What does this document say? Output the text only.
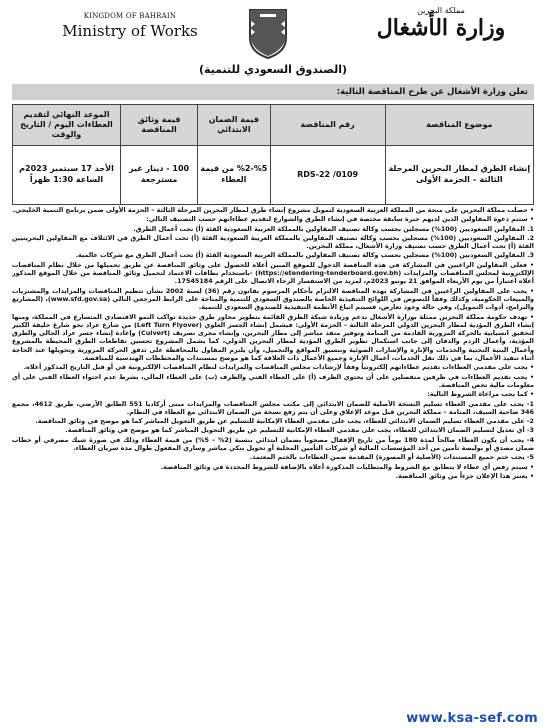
KINGDOM OF BAHRAIN
Ministry of Works
مملكة البحرين
وزارة الأشغال
(الصندوق السعودي للتنمية)
تعلن وزارة الأشغال عن طرح المناقصة التالية:
موضوع المناقصة	رقم المناقصة	قيمة الضمان الابتدائي	قيمة وثائق المناقصة	الموعد النهائي لتقديم العطاءات اليوم / التاريخ والوقت
إنشاء الطرق لمطار البحرين المرحلة الثالثة – الحزمة الأولى	RDS-22 /0109	%5-%2 من قيمة العطاء	100 - دينار غير مسترجعة	الأحد 17 سبتمبر 2023م الساعة 1:30 ظهراً

• حصلت مملكة البحرين على منحة من المملكة العربية السعودية لتمويل مشروع إنشاء طرق لمطار البحرين المرحلة الثالثة – الحزمة الأولى ضمن برنامج التنمية الخليجي.

• ستتم دعوة المقاولين الذين لديهم خبرة سابقة مختصة في إنشاء الطرق والشوارع لتقديم عطاءاتهم حسب التصنيف التالي:

1. المقاولين السعوديين (100%) مسجلين بحسب وكالة تصنيف المقاولين بالمملكة العربية السعودية الفئة (أ) تحت أعمال الطرق.

2. المقاولين السعوديين (100%) مسجلين بحسب وكالة تصنيف المقاولين بالمملكة العربية السعودية الفئة (أ) تحت أعمال الطرق في الائتلاف مع المقاولين البحرينيين الفئة (أ) تحت أعمال الطرق حسب تصنيف وزارة الأشغال، مملكة البحرين.

3. المقاولين السعوديين (100%) مسجلين بحسب وكالة تصنيف المقاولين بالمملكة العربية السعودية الفئة (أ) تحت أعمال الطرق مع شركات عالمية.

• فعلى المقاولين الراغبين في المشاركة في هذه المناقصة الدخول للموقع المبين أعلاه للحصول على وثائق المناقصة عن طريق تحميلها من خلال نظام المناقصات الإلكترونية لمجلس المناقصات والمزايدات (https://etendering-tenderboard.gov.bh) -باستخدام بطاقات الاعتماد لتحميل وثائق المناقصة من خلال الموقع المذكور أعلاه اعتباراً من يوم الأربعاء الموافق 21 يونيو 2023م، لمزيد من الاستفسار الرجاء الاتصال على الرقم 17545184.

• يجب على المقاولين الراغبين في المشاركة بهذه المناقصة الالتزام بأحكام المرسوم بقانون رقم (36) لسنة 2002 بشأن تنظيم المناقصات والمزايدات والمشتريات والمبيعات الحكومية، وكذلك وفقاً للنصوص في اللوائح التنفيذية الخاصة بالصندوق السعودي للتنمية والمتاحة على الرابط المرجعي التالي (www.sfd.gov.sa)، (المشاريع والبرامج، أدوات التمويل)، وفي حالة وجود تعارض، فسيتم اتباع الأنظمة التنفيذية للصندوق السعودي للتنمية.

• تهدف حكومة مملكة البحرين ممثلة بوزارة الأشغال بدعم وزيادة شبكة الطرق القائمة بتطوير محاور طرق جديدة تواكب النمو الاقتصادي المتسارع في المملكة، ومنها إنشاء الطرق المؤدية لمطار البحرين الدولي المرحلة الثالثة – الحزمة الأولى: فيشمل إنشاء الجسر العلوي (Left Turn Flyover) من شارع عراد نحو شارع خليفة الكبير لتحقيق انسيابية بالحركة المرورية القادمة من المنامة وتوفير منفذ مباشر إلى مطار البحرين، وإنشاء مجرى تصريف (Culvert) وإعادة إنشاء جسر عراد الحالي والطرق المؤدية، وأعمال الردم والدفان إلى جانب استكمال تطوير الطرق المؤدية لمطار البحرين الدولي، كما يشمل المشروع تحسين تقاطعات الطرق المحيطة بالمشروع وأعمال البنية التحتية والخدمات والإنارة والإشارات الضوئية وتنسيق المواقع والتجميل، وأن يلتزم المقاول بالمحافظة على تدفق الحركة المرورية وتحويلها عند الحاجة أثناء تنفيذ الأعمال، بما في ذلك نقل الخدمات، أعمال الإنارة وجميع الأعمال ذات العلاقة كما هو موضح بمستندات والمخططات الهندسية للمناقصة.

• يجب على مقدمي العطاءات تقديم عطاءاتهم إلكترونياً وفقاً لإرشادات مجلس المناقصات والمزايدات لنظام المناقصات الإلكترونية في أو قبل التاريخ المذكور أعلاه.

• يجب تقديم العطاءات في ظرفين منفصلين على أن يحتوي الظرف (أ) على العطاء الفني والظرف (ب) على العطاء المالي، بشرط عدم احتواء العطاء الفني على أي معلومات مالية تخص المناقصة.

• كما يجب مراعاة الشروط التالية:

1- يجب على مقدمي العطاء تسليم النسخة الأصلية للضمان الابتدائي إلى مكتب مجلس المناقصات والمزايدات مبنى أركاديا 551 الطابق الأرضي، طريق 4612، مجمع 346 ضاحية السيف، المنامة – مملكة البحرين قبل موعد الإغلاق وعلى أن يتم رفع نسخة من الضمان الابتدائي مع العطاء في النظام.

2- على مقدمي العطاء تسليم الضمان الابتدائي للعطاء، يجب على مقدمي العطاء الإمكانية للتسليم عن طريق التحويل المباشر كما هو موضح في وثائق المناقصة.

3- أي تعديل لتسليم الضمان الابتدائي للعطاء، يجب على مقدمي العطاء الإمكانية للتسليم عن طريق التحويل المباشر كما هو موضح في وثائق المناقصة.

4- يجب أن يكون العطاء صالحاً لمدة 180 يوماً من تاريخ الإقفال مصحوباً بضمان ابتدائي بنسبة (2% – 5%) من قيمة العطاء وذلك في صورة شيك مصرفي أو خطاب ضمان مصدق أو بوليصة تأمين من أحد المؤسسات المالية أو شركات التأمين المحلية أو تحويل بنكي مباشر وساري المفعول طوال مدة سريان العطاء.

5- يجب ختم جميع المستندات (الأصلية أو المصورة) المقدمة ضمن العطاءات بالختم المعتمد.

• سيتم رفض أي عطاء لا يتطابق مع الشروط والمتطلبات المذكورة أعلاه بالإضافة للشروط المحددة في وثائق المناقصة.

• يعتبر هذا الإعلان جزءاً من وثائق المناقصة.

www.ksa-sef.com
